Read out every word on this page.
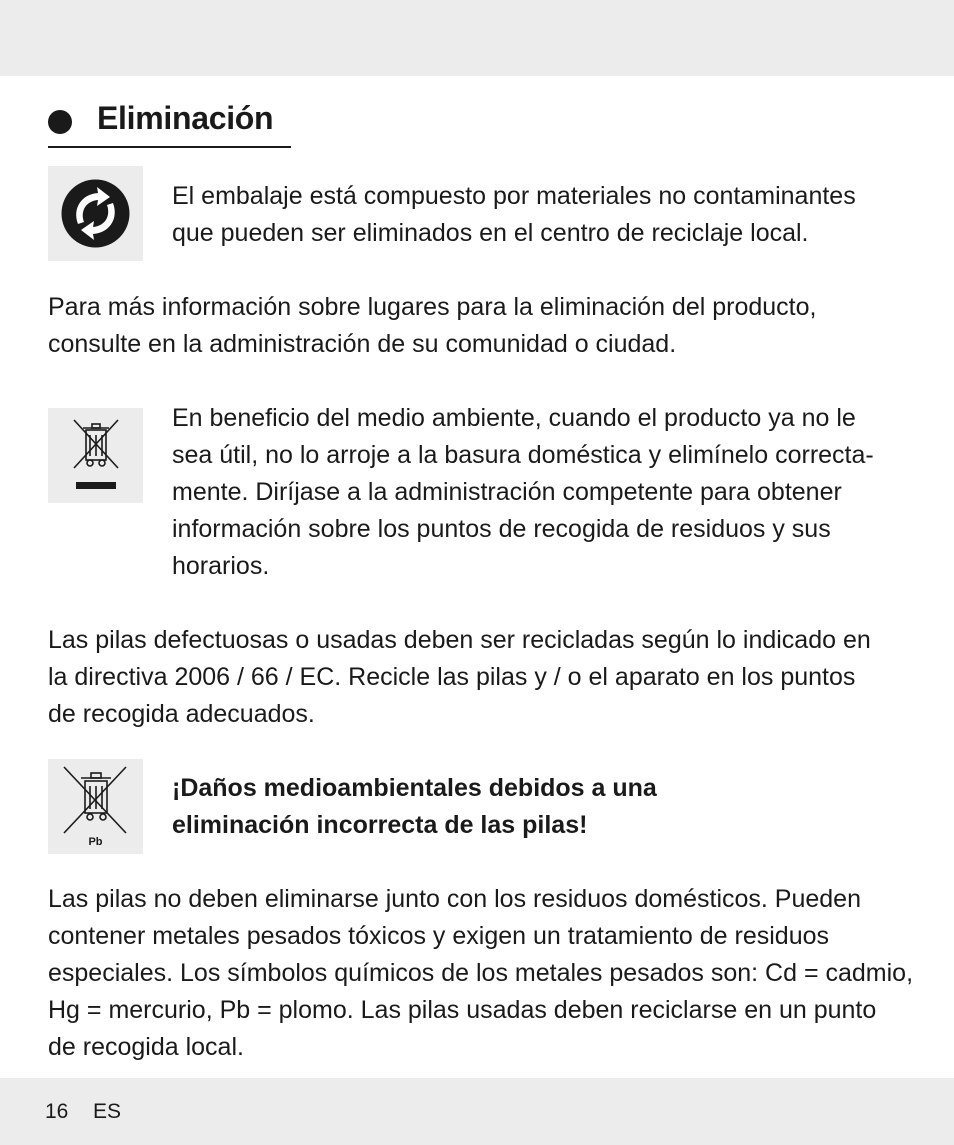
Eliminación

El embalaje está compuesto por materiales no contaminantes
que pueden ser eliminados en el centro de reciclaje local.

Para más información sobre lugares para la eliminación del producto,
consulte en la administración de su comunidad o ciudad.

En beneficio del medio ambiente, cuando el producto ya no le
sea útil, no lo arroje a la basura doméstica y elimínelo correcta-
mente. Diríjase a la administración competente para obtener
información sobre los puntos de recogida de residuos y sus
horarios.

Las pilas defectuosas o usadas deben ser recicladas según lo indicado en
la directiva 2006 / 66 / EC. Recicle las pilas y / o el aparato en los puntos
de recogida adecuados.

Pb

¡Daños medioambientales debidos a una
eliminación incorrecta de las pilas!

Las pilas no deben eliminarse junto con los residuos domésticos. Pueden
contener metales pesados tóxicos y exigen un tratamiento de residuos
especiales. Los símbolos químicos de los metales pesados son: Cd = cadmio,
Hg = mercurio, Pb = plomo. Las pilas usadas deben reciclarse en un punto
de recogida local.

16 ES
